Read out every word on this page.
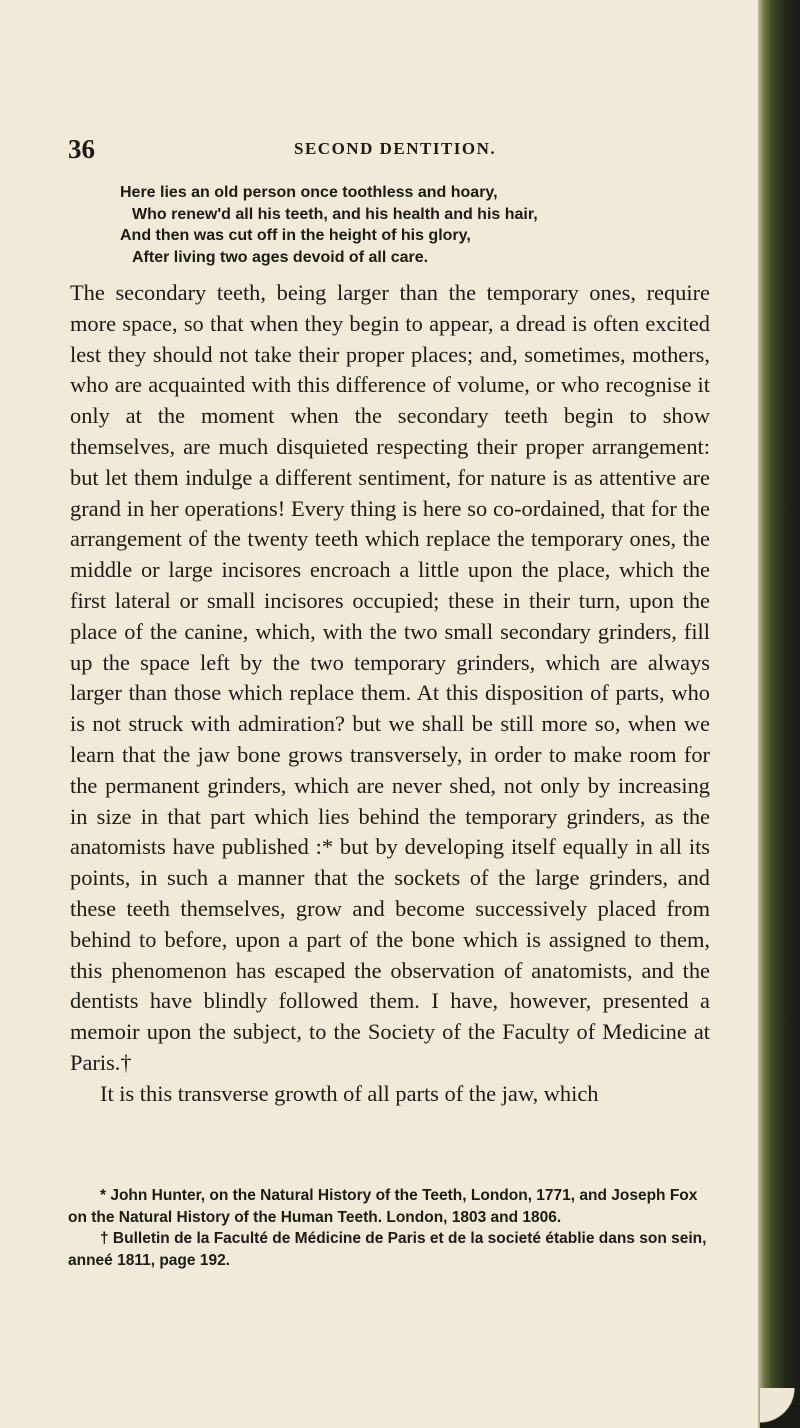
36	SECOND DENTITION.
Here lies an old person once toothless and hoary,
Who renew'd all his teeth, and his health and his hair,
And then was cut off in the height of his glory,
After living two ages devoid of all care.

The secondary teeth, being larger than the temporary ones, require more space, so that when they begin to appear, a dread is often excited lest they should not take their proper places; and, sometimes, mothers, who are acquainted with this difference of volume, or who recognise it only at the moment when the secondary teeth begin to show themselves, are much disquieted respecting their proper arrangement: but let them indulge a different sentiment, for nature is as attentive are grand in her operations! Every thing is here so co-ordained, that for the arrangement of the twenty teeth which replace the temporary ones, the middle or large incisores encroach a little upon the place, which the first lateral or small incisores occupied; these in their turn, upon the place of the canine, which, with the two small secondary grinders, fill up the space left by the two temporary grinders, which are always larger than those which replace them. At this disposition of parts, who is not struck with admiration? but we shall be still more so, when we learn that the jaw bone grows transversely, in order to make room for the permanent grinders, which are never shed, not only by increasing in size in that part which lies behind the temporary grinders, as the anatomists have published :* but by developing itself equally in all its points, in such a manner that the sockets of the large grinders, and these teeth themselves, grow and become successively placed from behind to before, upon a part of the bone which is assigned to them, this phenomenon has escaped the observation of anatomists, and the dentists have blindly followed them. I have, however, presented a memoir upon the subject, to the Society of the Faculty of Medicine at Paris.†

It is this transverse growth of all parts of the jaw, which

* John Hunter, on the Natural History of the Teeth, London, 1771, and Joseph Fox on the Natural History of the Human Teeth. London, 1803 and 1806.

† Bulletin de la Faculté de Médicine de Paris et de la societé établie dans son sein, anneé 1811, page 192.
